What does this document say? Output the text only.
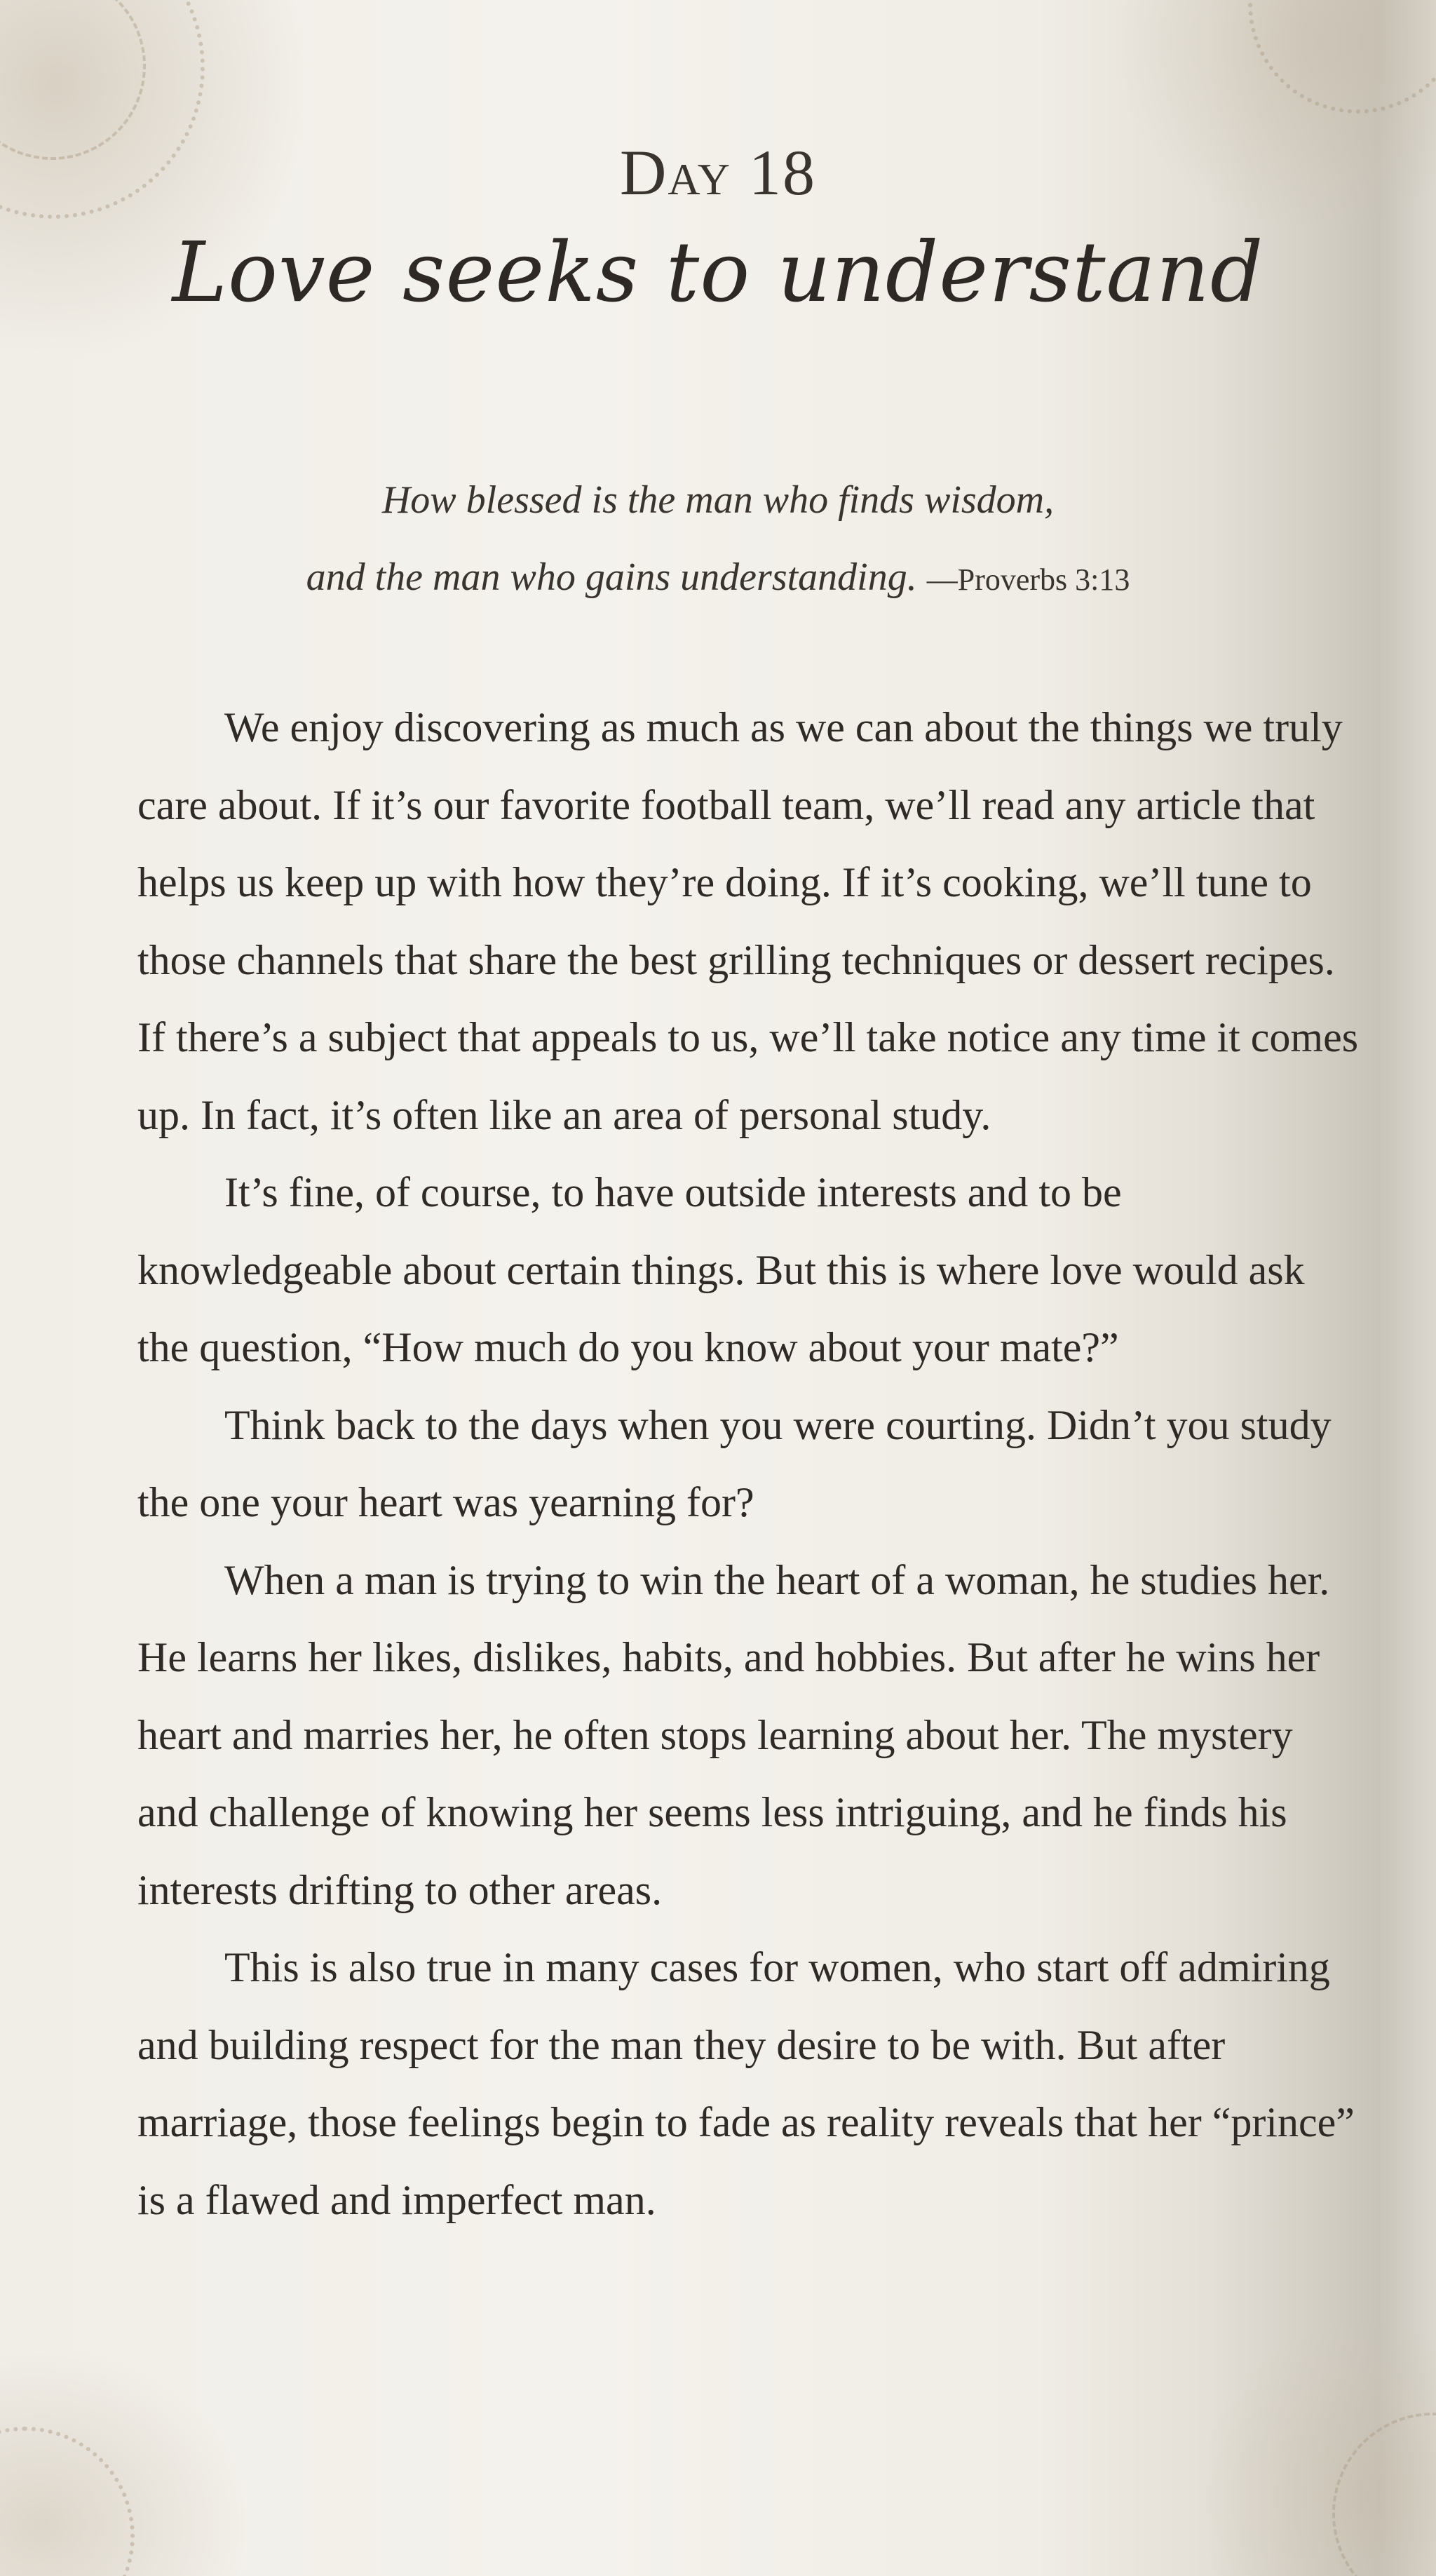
Day 18
Love seeks to understand
How blessed is the man who finds wisdom,
and the man who gains understanding. —Proverbs 3:13

We enjoy discovering as much as we can about the things we truly care about. If it’s our favorite football team, we’ll read any article that helps us keep up with how they’re doing. If it’s cooking, we’ll tune to those channels that share the best grilling techniques or dessert recipes. If there’s a subject that appeals to us, we’ll take notice any time it comes up. In fact, it’s often like an area of personal study.

It’s fine, of course, to have outside interests and to be knowledgeable about certain things. But this is where love would ask the question, “How much do you know about your mate?”

Think back to the days when you were courting. Didn’t you study the one your heart was yearning for?

When a man is trying to win the heart of a woman, he studies her. He learns her likes, dislikes, habits, and hobbies. But after he wins her heart and marries her, he often stops learning about her. The mystery and challenge of knowing her seems less intriguing, and he finds his interests drifting to other areas.

This is also true in many cases for women, who start off admiring and building respect for the man they desire to be with. But after marriage, those feelings begin to fade as reality reveals that her “prince” is a flawed and imperfect man.
